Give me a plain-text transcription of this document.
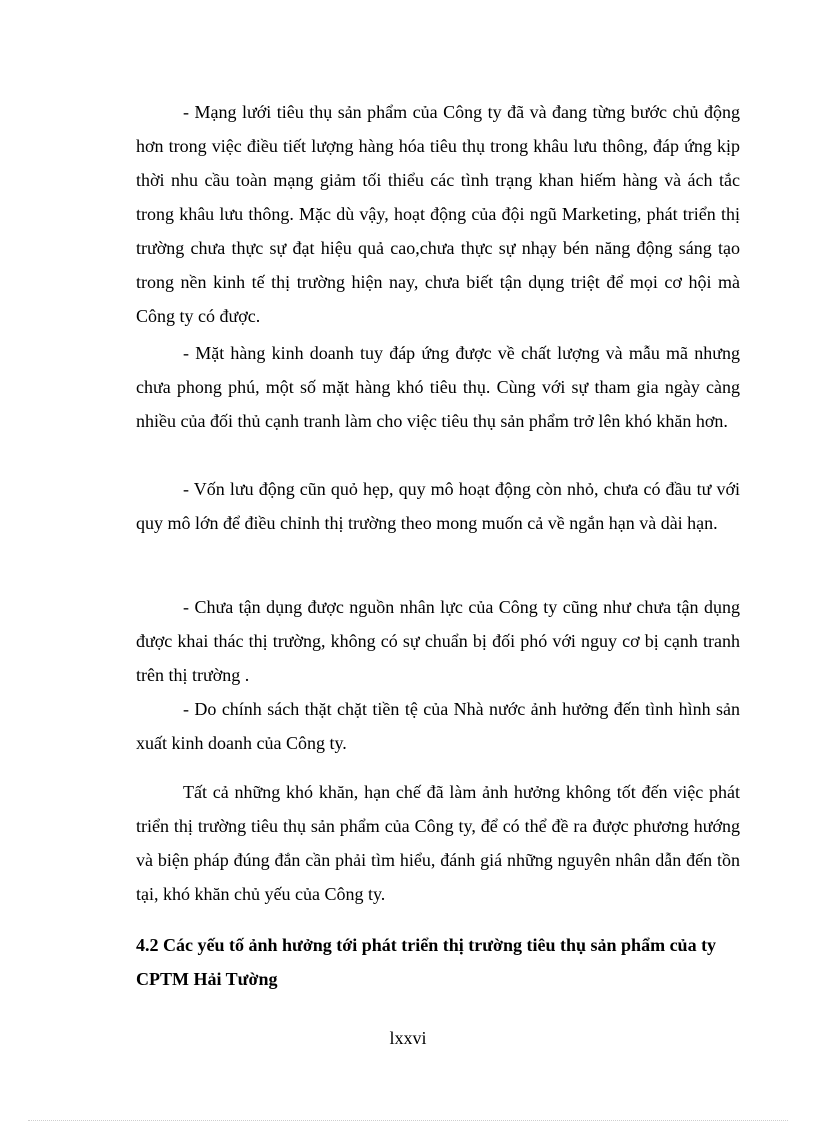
- Mạng lưới tiêu thụ sản phẩm của Công ty đã và đang từng bước chủ động hơn trong việc điều tiết lượng hàng hóa tiêu thụ trong khâu lưu thông, đáp ứng kịp thời nhu cầu toàn mạng giảm tối thiểu các tình trạng khan hiếm hàng và ách tắc trong khâu lưu thông. Mặc dù vậy, hoạt động của đội ngũ Marketing, phát triển thị trường chưa thực sự đạt hiệu quả cao,chưa thực sự nhạy bén năng động sáng tạo trong nền kinh tế thị trường hiện nay, chưa biết tận dụng triệt để mọi cơ hội mà Công ty có được.

- Mặt hàng kinh doanh tuy đáp ứng được về chất lượng và mẫu mã nhưng chưa phong phú, một số mặt hàng khó tiêu thụ. Cùng với sự tham gia ngày càng nhiều của đối thủ cạnh tranh làm cho việc tiêu thụ sản phẩm trở lên khó khăn hơn.

- Vốn lưu động cũn quỏ hẹp, quy mô hoạt động còn nhỏ, chưa có đầu tư với quy mô lớn để điều chỉnh thị trường theo mong muốn cả về ngắn hạn và dài hạn.

- Chưa tận dụng được nguồn nhân lực của Công ty cũng như chưa tận dụng được khai thác thị trường, không có sự chuẩn bị đối phó với nguy cơ bị cạnh tranh trên thị trường .

- Do chính sách thặt chặt tiền tệ của Nhà nước ảnh hưởng đến tình hình sản xuất kinh doanh của Công ty.

Tất cả những khó khăn, hạn chế đã làm ảnh hưởng không tốt đến việc phát triển thị trường tiêu thụ sản phẩm của Công ty, để có thể đề ra được phương hướng và biện pháp đúng đắn cần phải tìm hiểu, đánh giá những nguyên nhân dẫn đến tồn tại, khó khăn chủ yếu của Công ty.

4.2 Các yếu tố ảnh hưởng tới phát triển thị trường tiêu thụ sản phẩm của ty CPTM Hải Tường

lxxvi
